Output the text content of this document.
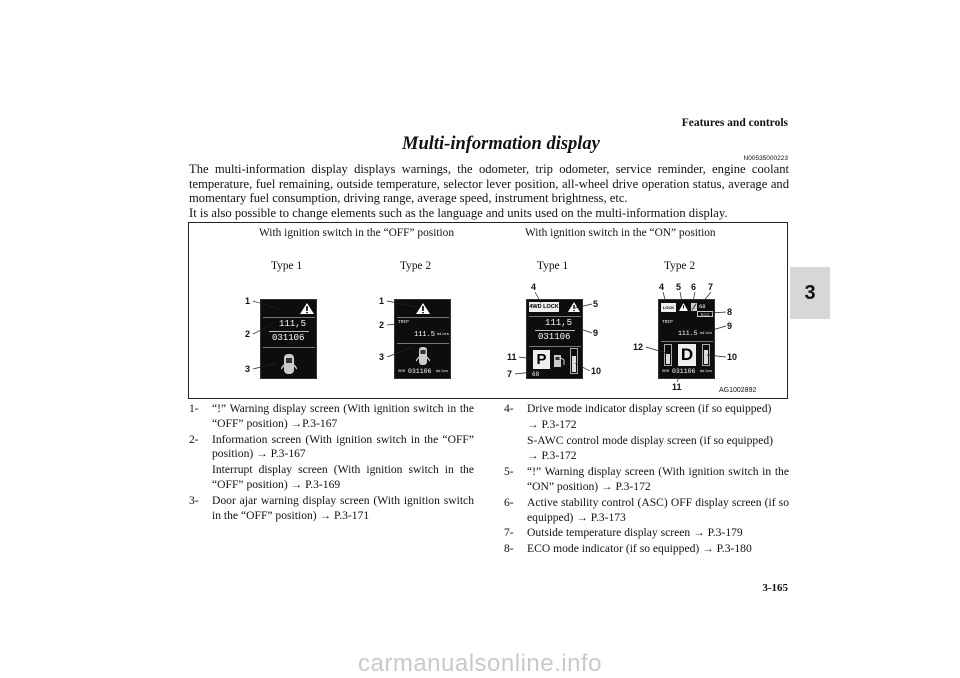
Features and controls
3
Multi-information display
N00535000223

The multi-information display displays warnings, the odometer, trip odometer, service reminder, engine coolant temperature, fuel remaining, outside temperature, selector lever position, all-wheel drive operation status, average and momentary fuel consumption, driving range, average speed, instrument brightness, etc.

It is also possible to change elements such as the language and units used on the multi-information display.

With ignition switch in the “OFF” position	With ignition switch in the “ON” position
Type 1	Type 2	Type 1	Type 2
111,5
031106
1
2
3
TRIP
111.5 miles
ODO 031106 miles
1
2
3
4WD LOCK
111,5
031106
P
68
4
5
9
11
7	10
LOCK	68
ECO
TRIP
111.5 miles
D
ODO 031106 miles
4 5 6 7
8
9
12
10
11	AG1002892
1- “!” Warning display screen (With ignition switch in the “OFF” position) →P.3-167
2- Information screen (With ignition switch in the “OFF” position) → P.3-167
Interrupt display screen (With ignition switch in the “OFF” position) → P.3-169
3- Door ajar warning display screen (With ignition switch in the “OFF” position) → P.3-171
4- Drive mode indicator display screen (if so equipped)
→ P.3-172
S-AWC control mode display screen (if so equipped)
→ P.3-172
5- “!” Warning display screen (With ignition switch in the “ON” position) → P.3-172
6- Active stability control (ASC) OFF display screen (if so equipped) → P.3-173
7- Outside temperature display screen → P.3-179
8- ECO mode indicator (if so equipped) → P.3-180
3-165
carmanualsonline.info
